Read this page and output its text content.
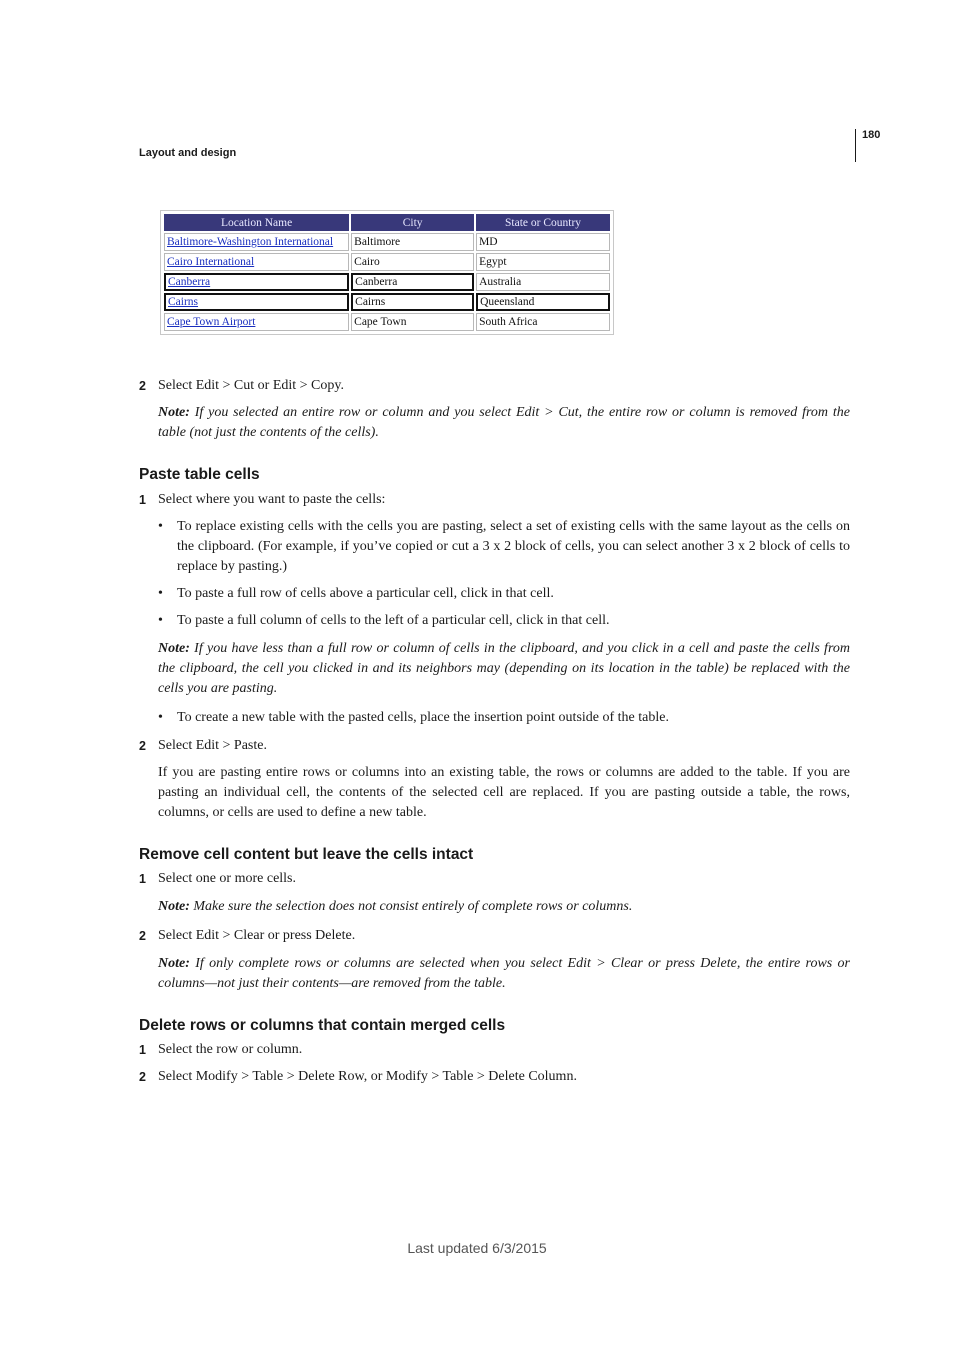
Layout and design
180
Location Name	City	State or Country
Baltimore-Washington International	Baltimore	MD
Cairo International	Cairo	Egypt
Canberra	Canberra	Australia
Cairns	Cairns	Queensland
Cape Town Airport	Cape Town	South Africa
2 Select Edit > Cut or Edit > Copy.
Note: If you selected an entire row or column and you select Edit > Cut, the entire row or column is removed from the table (not just the contents of the cells).
Paste table cells
1 Select where you want to paste the cells:
• To replace existing cells with the cells you are pasting, select a set of existing cells with the same layout as the cells on the clipboard. (For example, if you’ve copied or cut a 3 x 2 block of cells, you can select another 3 x 2 block of cells to replace by pasting.)
• To paste a full row of cells above a particular cell, click in that cell.
• To paste a full column of cells to the left of a particular cell, click in that cell.
Note: If you have less than a full row or column of cells in the clipboard, and you click in a cell and paste the cells from the clipboard, the cell you clicked in and its neighbors may (depending on its location in the table) be replaced with the cells you are pasting.
• To create a new table with the pasted cells, place the insertion point outside of the table.
2 Select Edit > Paste.
If you are pasting entire rows or columns into an existing table, the rows or columns are added to the table. If you are pasting an individual cell, the contents of the selected cell are replaced. If you are pasting outside a table, the rows, columns, or cells are used to define a new table.
Remove cell content but leave the cells intact
1 Select one or more cells.
Note: Make sure the selection does not consist entirely of complete rows or columns.
2 Select Edit > Clear or press Delete.
Note: If only complete rows or columns are selected when you select Edit > Clear or press Delete, the entire rows or columns—not just their contents—are removed from the table.
Delete rows or columns that contain merged cells
1 Select the row or column.
2 Select Modify > Table > Delete Row, or Modify > Table > Delete Column.
Last updated 6/3/2015
